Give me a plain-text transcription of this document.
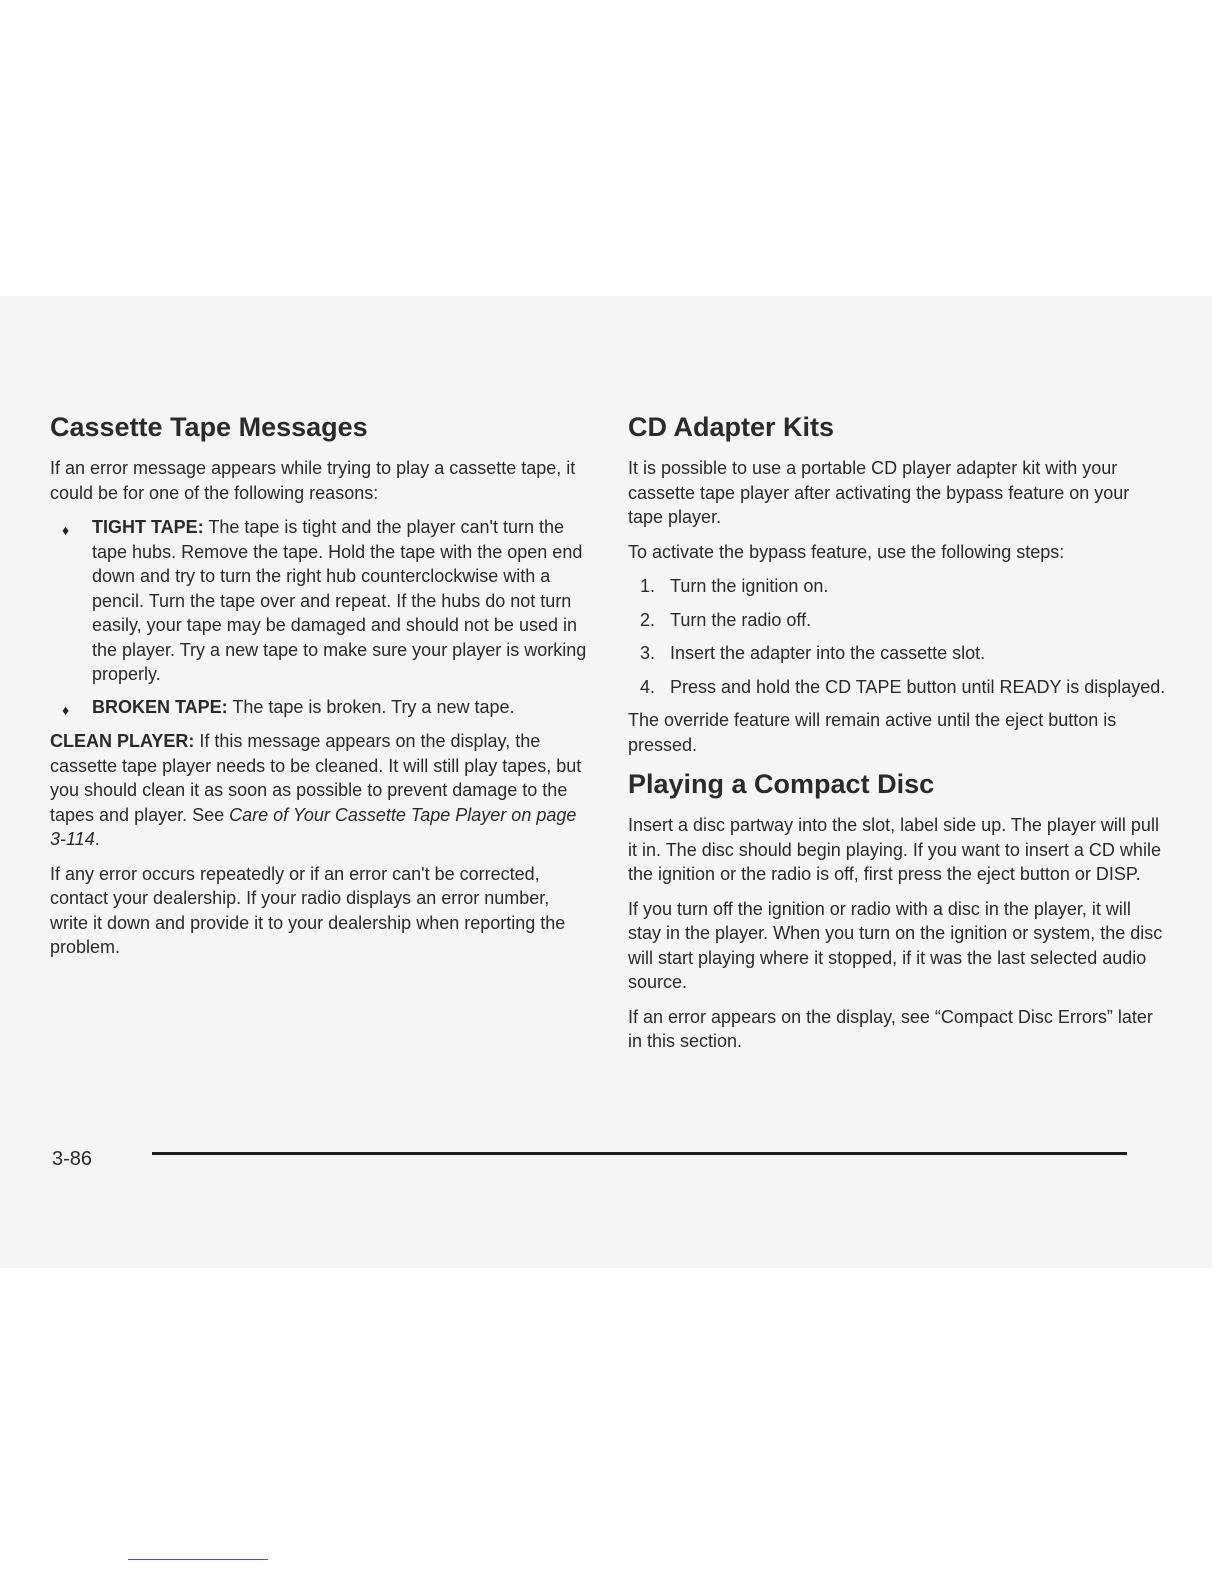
Cassette Tape Messages

If an error message appears while trying to play a cassette tape, it could be for one of the following reasons:

♦ TIGHT TAPE: The tape is tight and the player can't turn the tape hubs. Remove the tape. Hold the tape with the open end down and try to turn the right hub counterclockwise with a pencil. Turn the tape over and repeat. If the hubs do not turn easily, your tape may be damaged and should not be used in the player. Try a new tape to make sure your player is working properly.
♦ BROKEN TAPE: The tape is broken. Try a new tape.

CLEAN PLAYER: If this message appears on the display, the cassette tape player needs to be cleaned. It will still play tapes, but you should clean it as soon as possible to prevent damage to the tapes and player. See Care of Your Cassette Tape Player on page 3-114.

If any error occurs repeatedly or if an error can't be corrected, contact your dealership. If your radio displays an error number, write it down and provide it to your dealership when reporting the problem.

CD Adapter Kits

It is possible to use a portable CD player adapter kit with your cassette tape player after activating the bypass feature on your tape player.

To activate the bypass feature, use the following steps:

1. Turn the ignition on.
2. Turn the radio off.
3. Insert the adapter into the cassette slot.
4. Press and hold the CD TAPE button until READY is displayed.

The override feature will remain active until the eject button is pressed.

Playing a Compact Disc

Insert a disc partway into the slot, label side up. The player will pull it in. The disc should begin playing. If you want to insert a CD while the ignition or the radio is off, first press the eject button or DISP.

If you turn off the ignition or radio with a disc in the player, it will stay in the player. When you turn on the ignition or system, the disc will start playing where it stopped, if it was the last selected audio source.

If an error appears on the display, see “Compact Disc Errors” later in this section.

3-86
